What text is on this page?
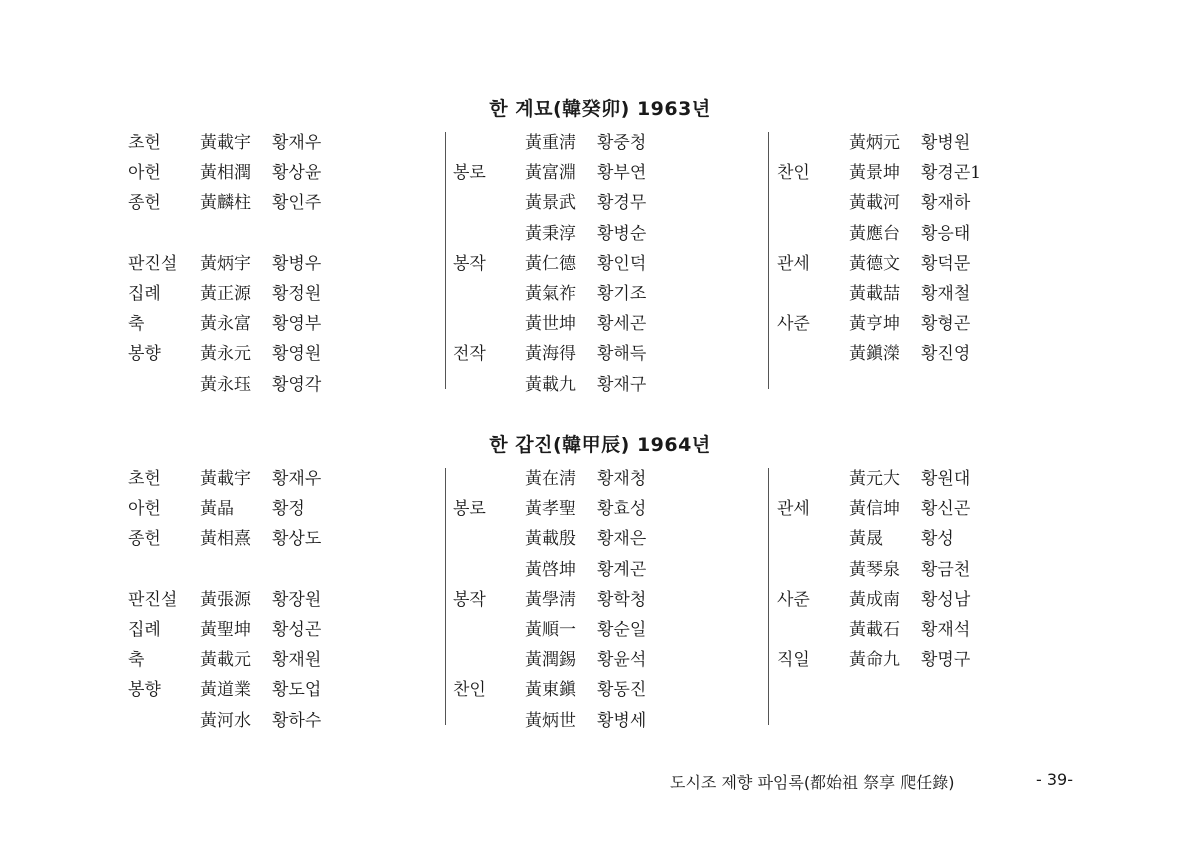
한 계묘(韓癸卯) 1963년
초헌 黃載宇 황재우
아헌 黃相潤 황상윤
종헌 黃麟柱 황인주
판진설 黃炳宇 황병우
집례 黃正源 황정원
축	黃永富 황영부
봉향 黃永元 황영원
黃永珏 황영각
黃重淸 황중청
봉로 黃富淵 황부연
黃景武 황경무
黃秉淳 황병순
봉작 黃仁德 황인덕
黃氣祚 황기조
黃世坤 황세곤
전작 黃海得 황해득
黃載九 황재구
黃炳元 황병원
찬인 黃景坤 황경곤1
黃載河 황재하
黃應台 황응태
관세 黃德文 황덕문
黃載喆 황재철
사준 黃亨坤 황형곤
黃鎭濚 황진영
한 갑진(韓甲辰) 1964년
초헌 黃載宇 황재우
아헌 黃晶 황정
종헌 黃相熹 황상도
판진설 黃張源 황장원
집례 黃聖坤 황성곤
축	黃載元 황재원
봉향 黃道業 황도업
黃河水 황하수
黃在淸 황재청
봉로 黃孝聖 황효성
黃載殷 황재은
黃啓坤 황계곤
봉작 黃學淸 황학청
黃順一 황순일
黃潤錫 황윤석
찬인 黃東鎭 황동진
黃炳世 황병세
黃元大 황원대
관세 黃信坤 황신곤
黃晟 황성
黃琴泉 황금천
사준 黃成南 황성남
黃載石 황재석
직일 黃命九 황명구
도시조 제향 파임록(都始祖 祭享 爬任錄)	- 39-
